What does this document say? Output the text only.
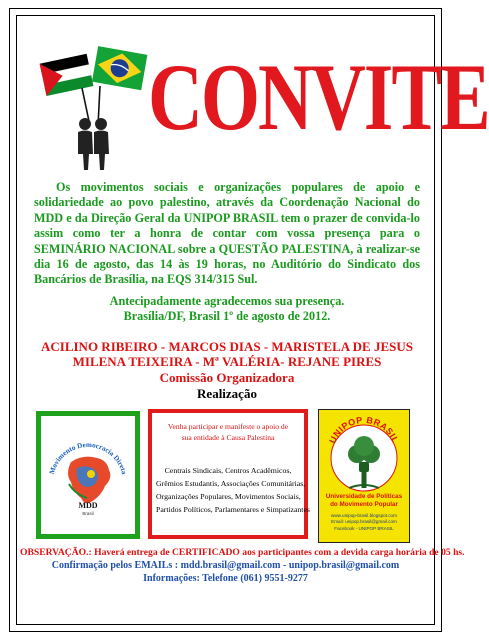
CONVITE

Os movimentos sociais e organizações populares de apoio e solidariedade ao povo palestino, através da Coordenação Nacional do MDD e da Direção Geral da UNIPOP BRASIL tem o prazer de convida-lo assim como ter a honra de contar com vossa presença para o SEMINÁRIO NACIONAL sobre a QUESTÃO PALESTINA, à realizar-se dia 16 de agosto, das 14 às 19 horas, no Auditório do Sindicato dos Bancários de Brasília, na EQS 314/315 Sul.

Antecipadamente agradecemos sua presença.
Brasília/DF, Brasil 1º de agosto de 2012.
ACILINO RIBEIRO - MARCOS DIAS - MARISTELA DE JESUS
MILENA TEIXEIRA - Mª VALÉRIA- REJANE PIRES
Comissão Organizadora
Realização
Movimento Democracia Direta
MDD
Brasil
Venha participar e manifeste o apoio de
sua entidade à Causa Palestina
Centrais Sindicais, Centros Acadêmicos,
Grêmios Estudantis, Associações Comunitárias,
Organizações Populares, Movimentos Sociais,
Partidos Políticos, Parlamentares e Simpatizantes
UNIPOP BRASIL
Universidade de Políticas
do Movimento Popular
www.unipop-brasil.blogspot.com
Email: unipop.brasil@gmail.com
Facebook - UNIPOP BRASIL
OBSERVAÇÃO.: Haverá entrega de CERTIFICADO aos participantes com a devida carga horária de 05 hs.
Confirmação pelos EMAILs : mdd.brasil@gmail.com - unipop.brasil@gmail.com
Informações: Telefone (061) 9551-9277
